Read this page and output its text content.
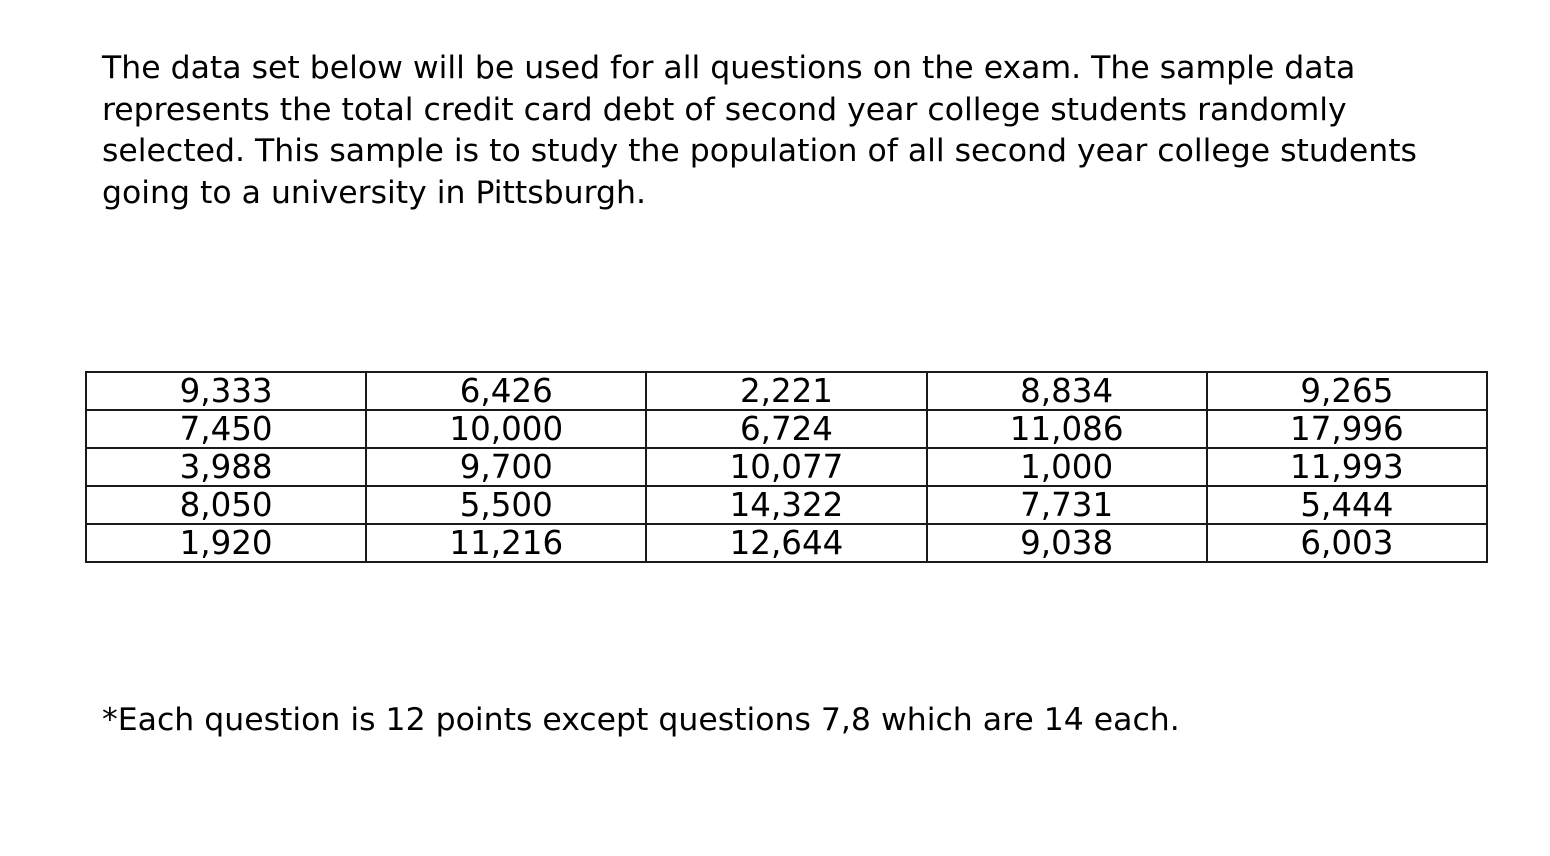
The data set below will be used for all questions on the exam. The sample data
represents the total credit card debt of second year college students randomly
selected. This sample is to study the population of all second year college students
going to a university in Pittsburgh.

9,333	6,426	2,221	8,834	9,265
7,450	10,000	6,724	11,086	17,996
3,988	9,700	10,077	1,000	11,993
8,050	5,500	14,322	7,731	5,444
1,920	11,216	12,644	9,038	6,003

*Each question is 12 points except questions 7,8 which are 14 each.
